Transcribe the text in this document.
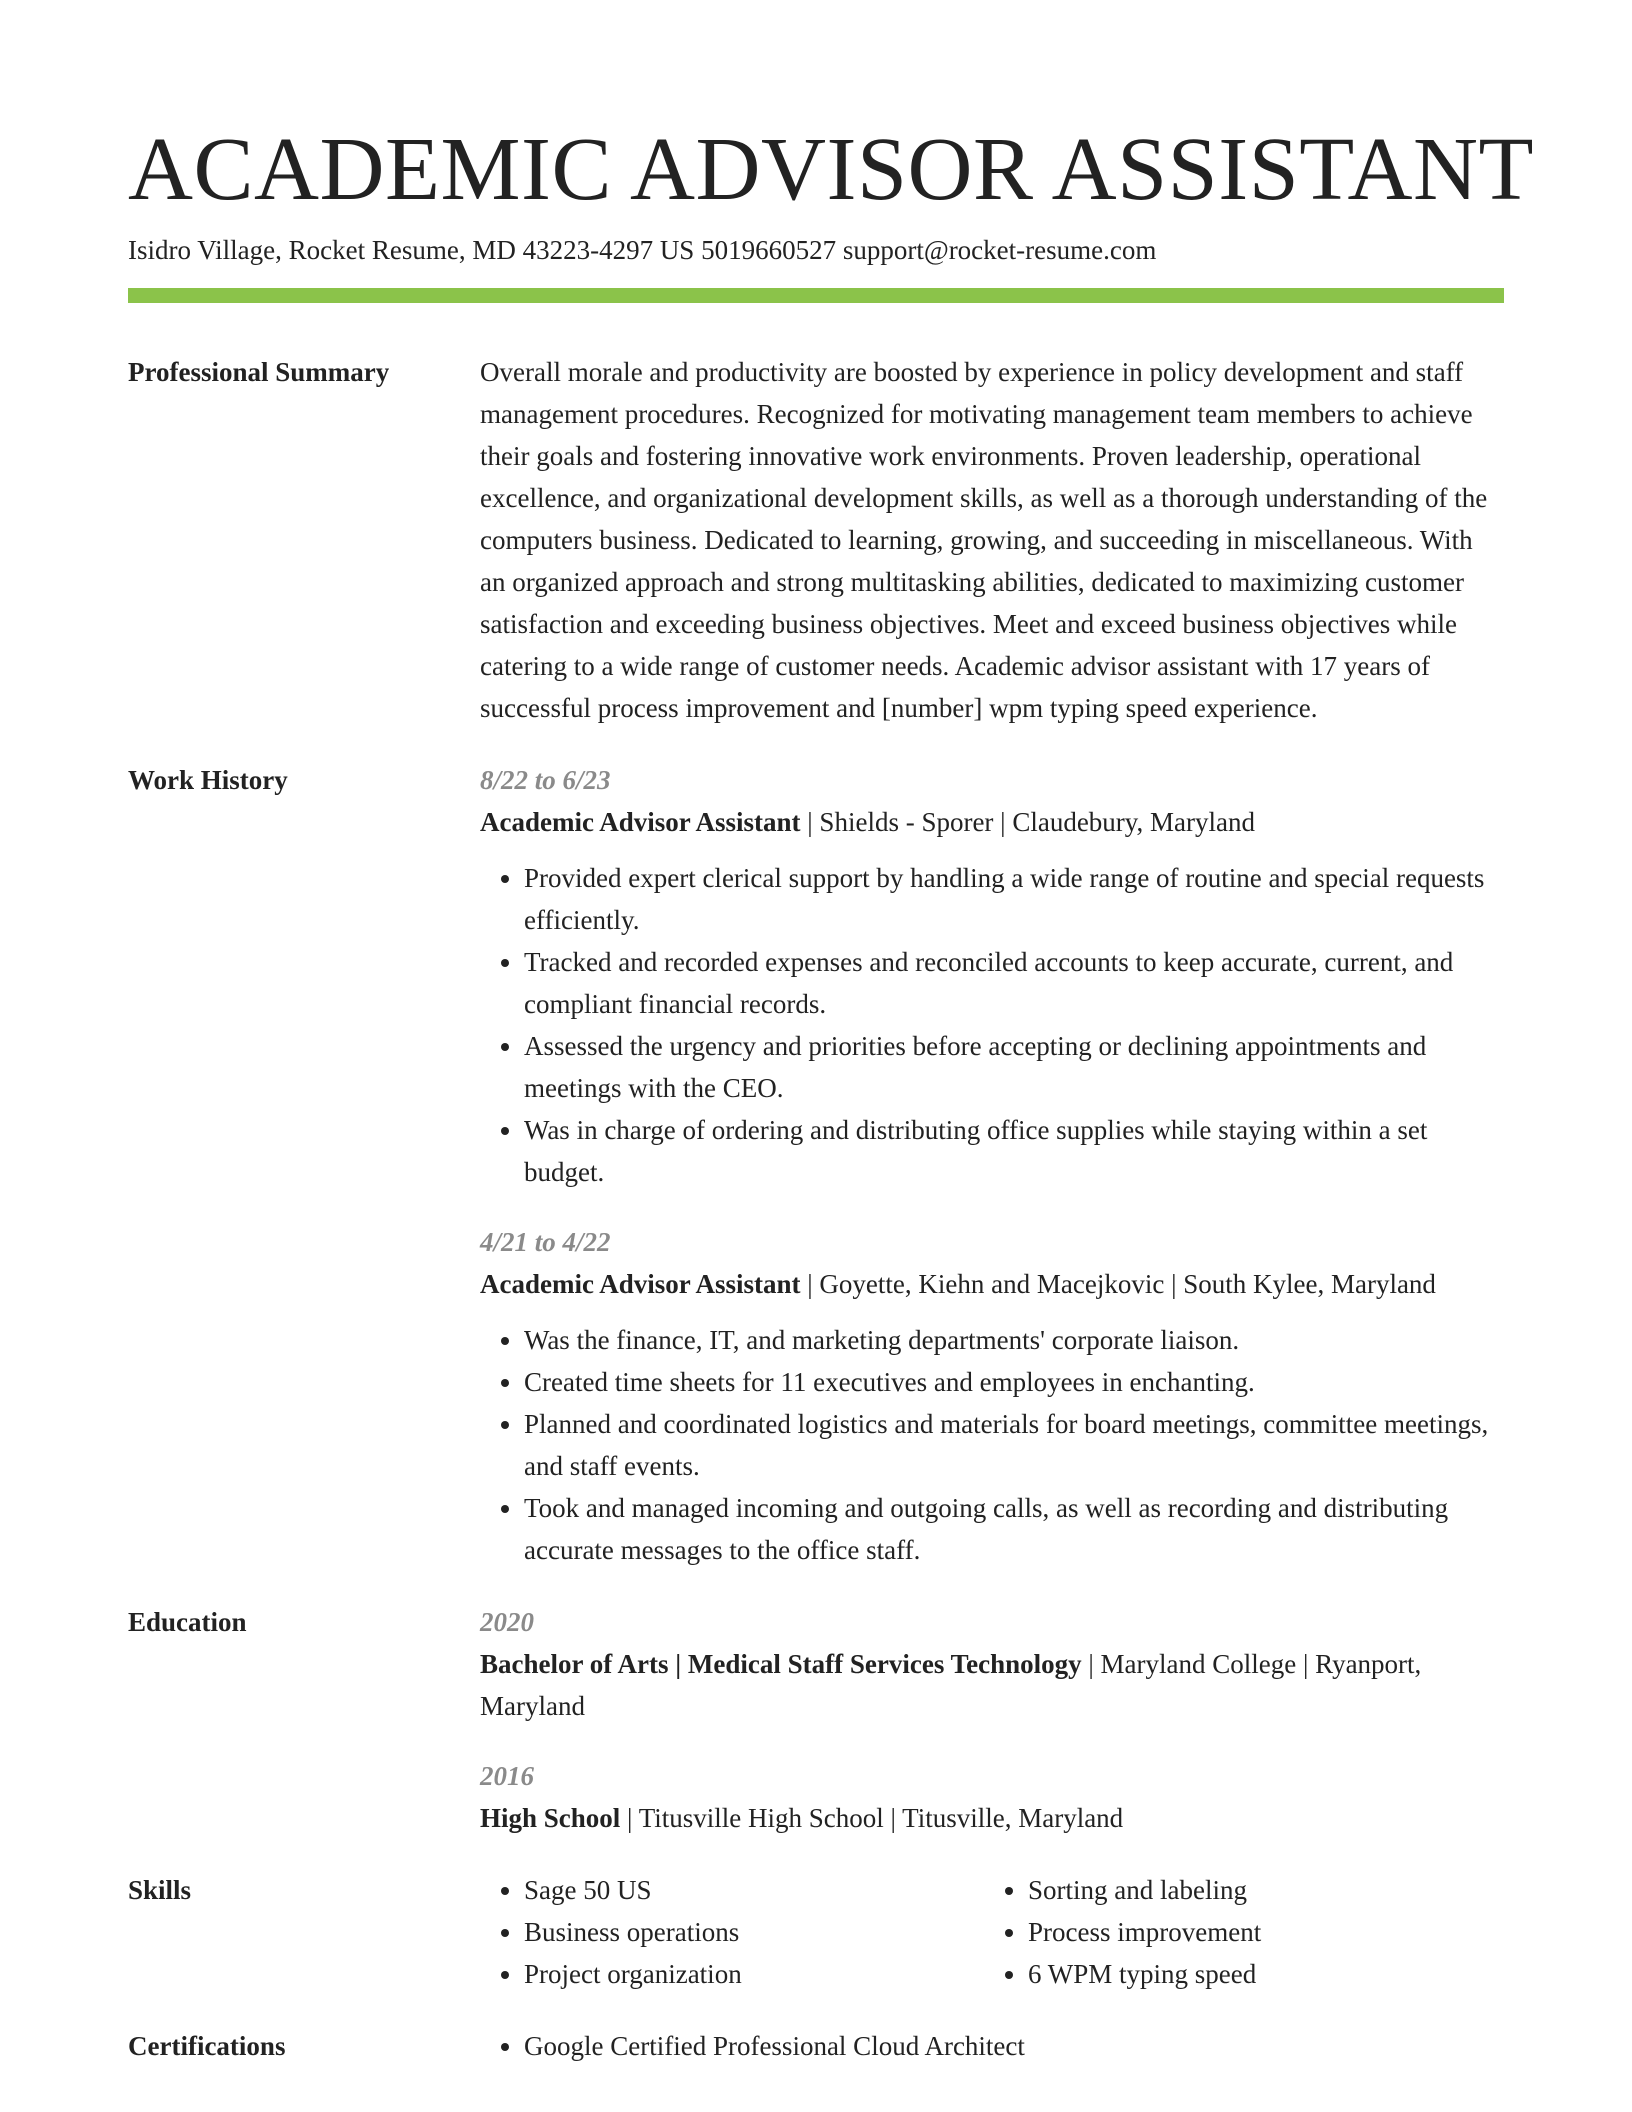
ACADEMIC ADVISOR ASSISTANT
Isidro Village, Rocket Resume, MD 43223-4297 US 5019660527 support@rocket-resume.com
Professional Summary	Overall morale and productivity are boosted by experience in policy development and staff management procedures. Recognized for motivating management team members to achieve their goals and fostering innovative work environments. Proven leadership, operational excellence, and organizational development skills, as well as a thorough understanding of the computers business. Dedicated to learning, growing, and succeeding in miscellaneous. With an organized approach and strong multitasking abilities, dedicated to maximizing customer satisfaction and exceeding business objectives. Meet and exceed business objectives while catering to a wide range of customer needs. Academic advisor assistant with 17 years of successful process improvement and [number] wpm typing speed experience.

Work History	8/22 to 6/23
Academic Advisor Assistant | Shields - Sporer | Claudebury, Maryland
• Provided expert clerical support by handling a wide range of routine and special requests efficiently.
• Tracked and recorded expenses and reconciled accounts to keep accurate, current, and compliant financial records.
• Assessed the urgency and priorities before accepting or declining appointments and meetings with the CEO.
• Was in charge of ordering and distributing office supplies while staying within a set budget.
4/21 to 4/22
Academic Advisor Assistant | Goyette, Kiehn and Macejkovic | South Kylee, Maryland
• Was the finance, IT, and marketing departments' corporate liaison.
• Created time sheets for 11 executives and employees in enchanting.
• Planned and coordinated logistics and materials for board meetings, committee meetings, and staff events.
• Took and managed incoming and outgoing calls, as well as recording and distributing accurate messages to the office staff.
Education	2020
Bachelor of Arts | Medical Staff Services Technology | Maryland College | Ryanport, Maryland
2016
High School | Titusville High School | Titusville, Maryland
Skills	• Sage 50 US
• Business operations
• Project organization
• Sorting and labeling
• Process improvement
• 6 WPM typing speed
Certifications	• Google Certified Professional Cloud Architect
